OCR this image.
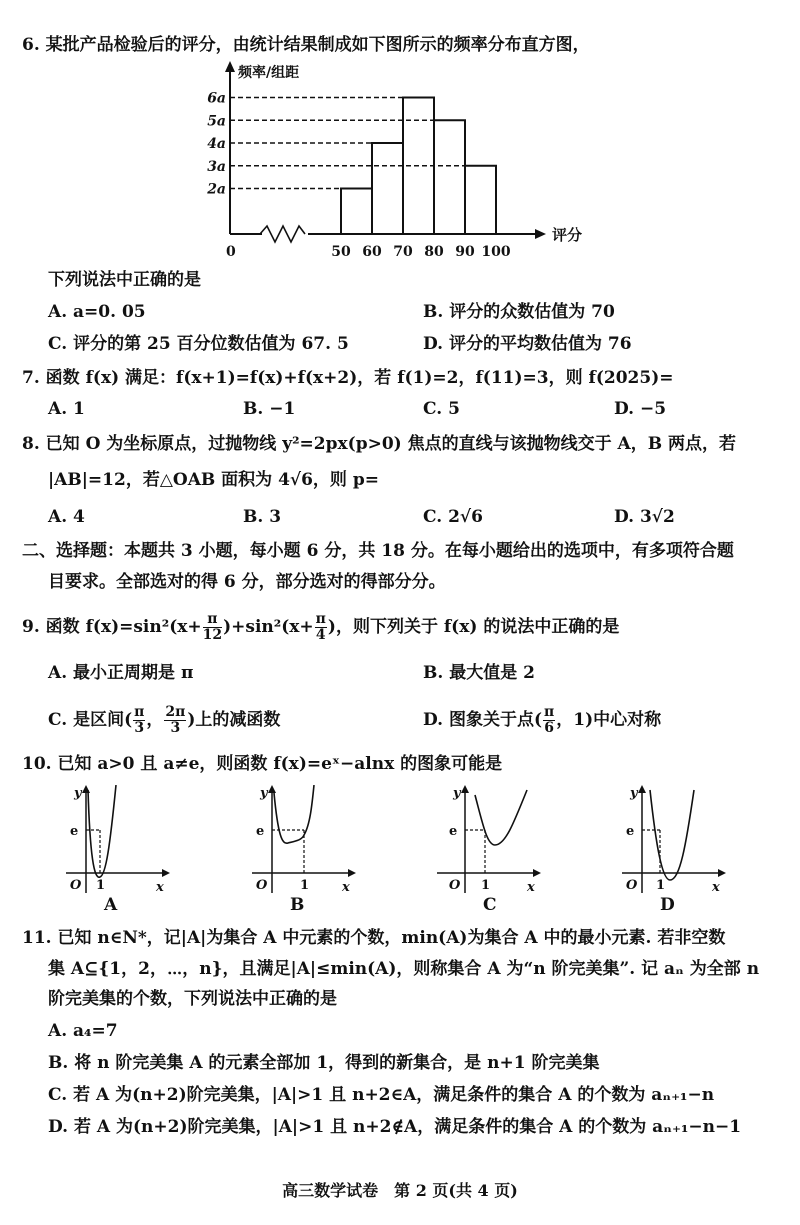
6. 某批产品检验后的评分，由统计结果制成如下图所示的频率分布直方图，
频率/组距
评分
0	50 60 70 80 90 100
2a
3a
4a
5a
6a
下列说法中正确的是
A. a=0. 05	B. 评分的众数估值为 70
C. 评分的第 25 百分位数估值为 67. 5	D. 评分的平均数估值为 76
7. 函数 f(x) 满足：f(x+1)=f(x)+f(x+2)，若 f(1)=2，f(11)=3，则 f(2025)=
A. 1	B. −1	C. 5	D. −5
8. 已知 O 为坐标原点，过抛物线 y²=2px(p>0) 焦点的直线与该抛物线交于 A，B 两点，若
|AB|=12，若△OAB 面积为 4√6，则 p=
A. 4	B. 3	C. 2√6	D. 3√2
二、选择题：本题共 3 小题，每小题 6 分，共 18 分。在每小题给出的选项中，有多项符合题
目要求。全部选对的得 6 分，部分选对的得部分分。
9. 函数 $f(x)=\sin^2(x+ \frac{\pi}{12} )+\sin^2(x+ \frac{\pi}{4}$ )，则下列关于 f(x) 的说法中正确的是
A. 最小正周期是 π	B. 最大值是 2
C. 是区间( $\frac{\pi}{3}$ ， $\frac{2\pi}{3}$ )上的减函数	D. 图象关于点( $\frac{\pi}{6}$ ，1)中心对称
10. 已知 a>0 且 a≠e，则函数 f(x)=eˣ−alnx 的图象可能是
y
e
O 1	x
A
y
e
O	1	x
B
y
e
O 1	x
C
y
e
O 1	x
D
11. 已知 n∈N*，记|A|为集合 A 中元素的个数，min(A)为集合 A 中的最小元素. 若非空数
集 A⊆{1，2，⋯，n}，且满足|A|≤min(A)，则称集合 A 为“n 阶完美集”. 记 aₙ 为全部 n
阶完美集的个数，下列说法中正确的是
A. a₄=7
B. 将 n 阶完美集 A 的元素全部加 1，得到的新集合，是 n+1 阶完美集
C. 若 A 为(n+2)阶完美集，|A|>1 且 n+2∈A，满足条件的集合 A 的个数为 aₙ₊₁−n
D. 若 A 为(n+2)阶完美集，|A|>1 且 n+2∉A，满足条件的集合 A 的个数为 aₙ₊₁−n−1
高三数学试卷　第 2 页(共 4 页)
